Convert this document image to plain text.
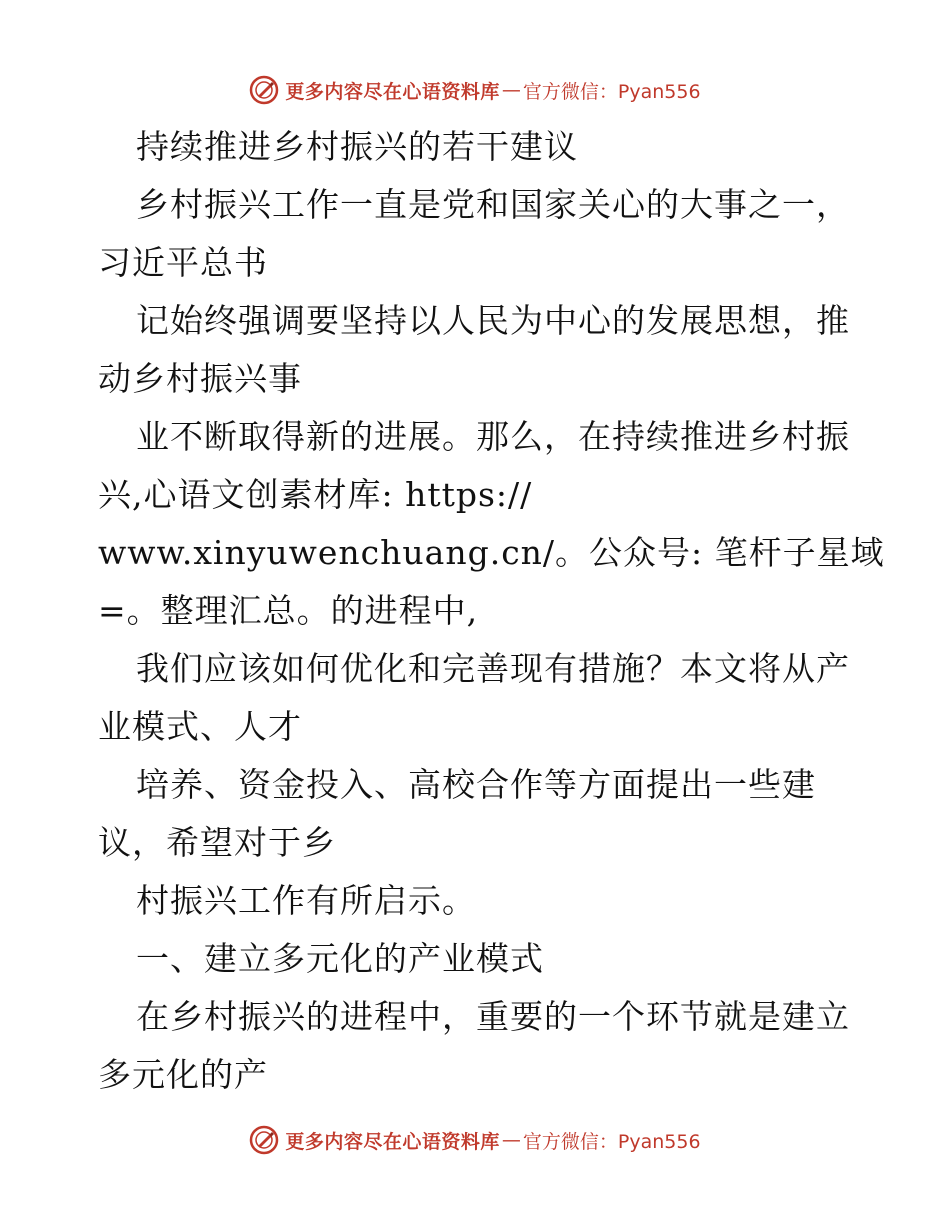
更多内容尽在心语资料库 — 官方微信：Pyan556
持续推进乡村振兴的若干建议
乡村振兴工作一直是党和国家关心的大事之一，
习近平总书
记始终强调要坚持以人民为中心的发展思想，推
动乡村振兴事
业不断取得新的进展。那么，在持续推进乡村振
兴,心语文创素材库: https://
www.xinyuwenchuang.cn/。公众号: 笔杆子星域
=。整理汇总。的进程中,
我们应该如何优化和完善现有措施？本文将从产
业模式、人才
培养、资金投入、高校合作等方面提出一些建
议，希望对于乡
村振兴工作有所启示。
一、建立多元化的产业模式
在乡村振兴的进程中，重要的一个环节就是建立
多元化的产
更多内容尽在心语资料库 — 官方微信：Pyan556
